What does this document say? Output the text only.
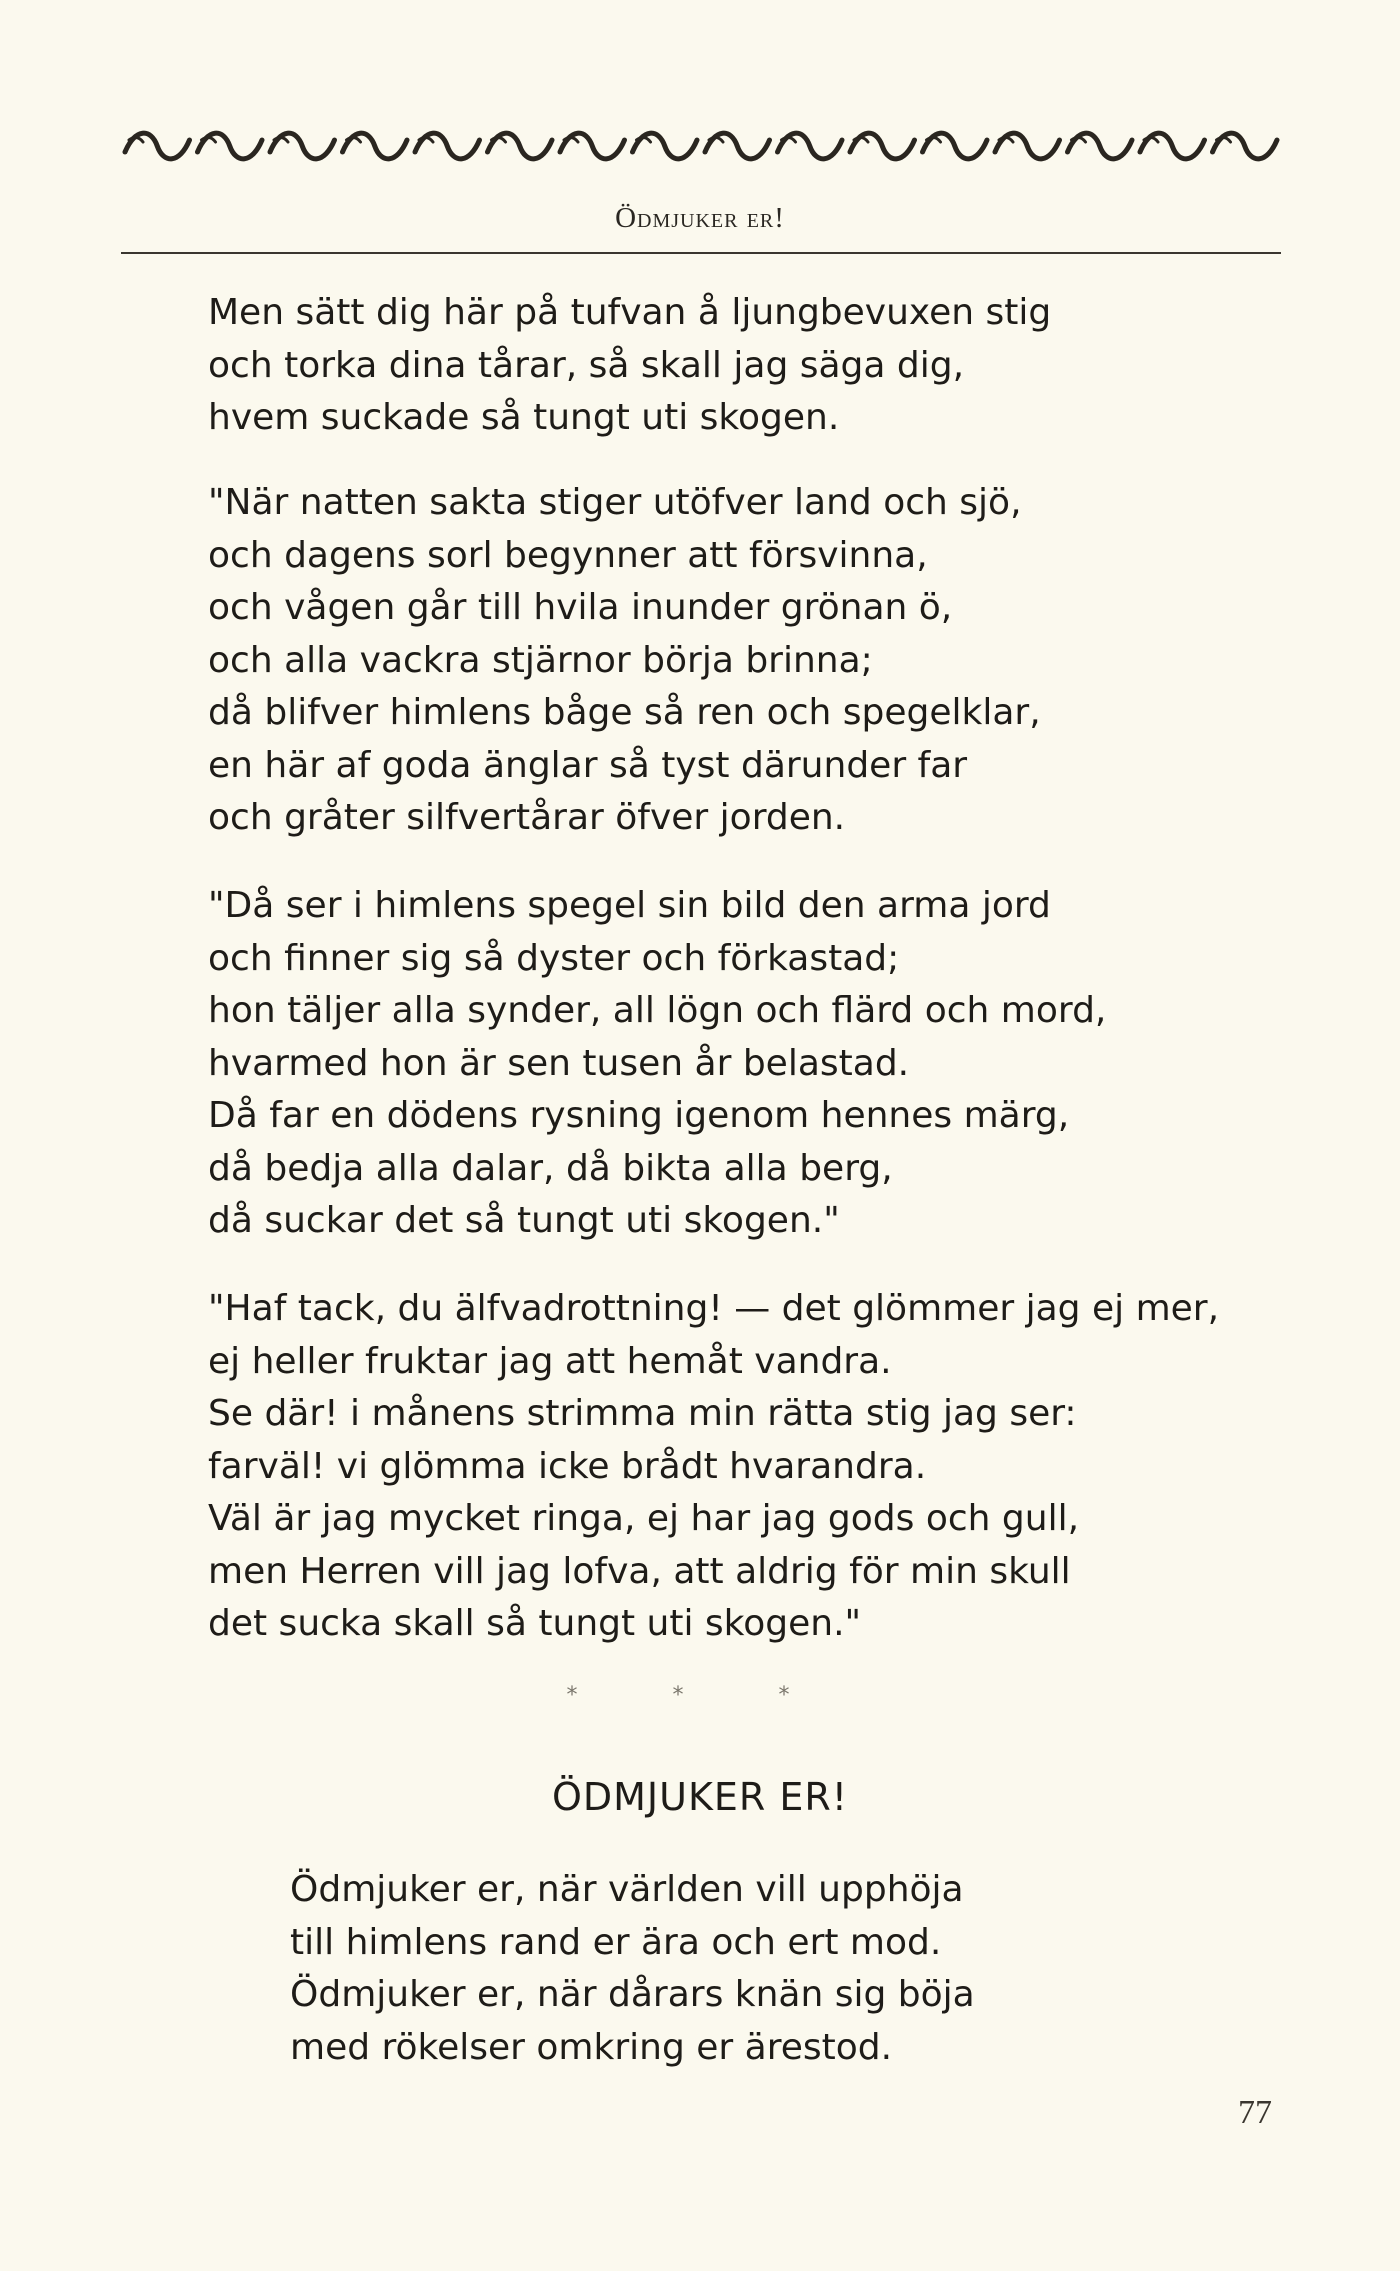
Ödmjuker er!
Men sätt dig här på tufvan å ljungbevuxen stig
och torka dina tårar, så skall jag säga dig,
hvem suckade så tungt uti skogen.
"När natten sakta stiger utöfver land och sjö,
och dagens sorl begynner att försvinna,
och vågen går till hvila inunder grönan ö,
och alla vackra stjärnor börja brinna;
då blifver himlens båge så ren och spegelklar,
en här af goda änglar så tyst därunder far
och gråter silfvertårar öfver jorden.
"Då ser i himlens spegel sin bild den arma jord
och finner sig så dyster och förkastad;
hon täljer alla synder, all lögn och flärd och mord,
hvarmed hon är sen tusen år belastad.
Då far en dödens rysning igenom hennes märg,
då bedja alla dalar, då bikta alla berg,
då suckar det så tungt uti skogen."
"Haf tack, du älfvadrottning! — det glömmer jag ej mer,
ej heller fruktar jag att hemåt vandra.
Se där! i månens strimma min rätta stig jag ser:
farväl! vi glömma icke brådt hvarandra.
Väl är jag mycket ringa, ej har jag gods och gull,
men Herren vill jag lofva, att aldrig för min skull
det sucka skall så tungt uti skogen."
* * *
ÖDMJUKER ER!
Ödmjuker er, när världen vill upphöja
till himlens rand er ära och ert mod.
Ödmjuker er, när dårars knän sig böja
med rökelser omkring er ärestod.
77
